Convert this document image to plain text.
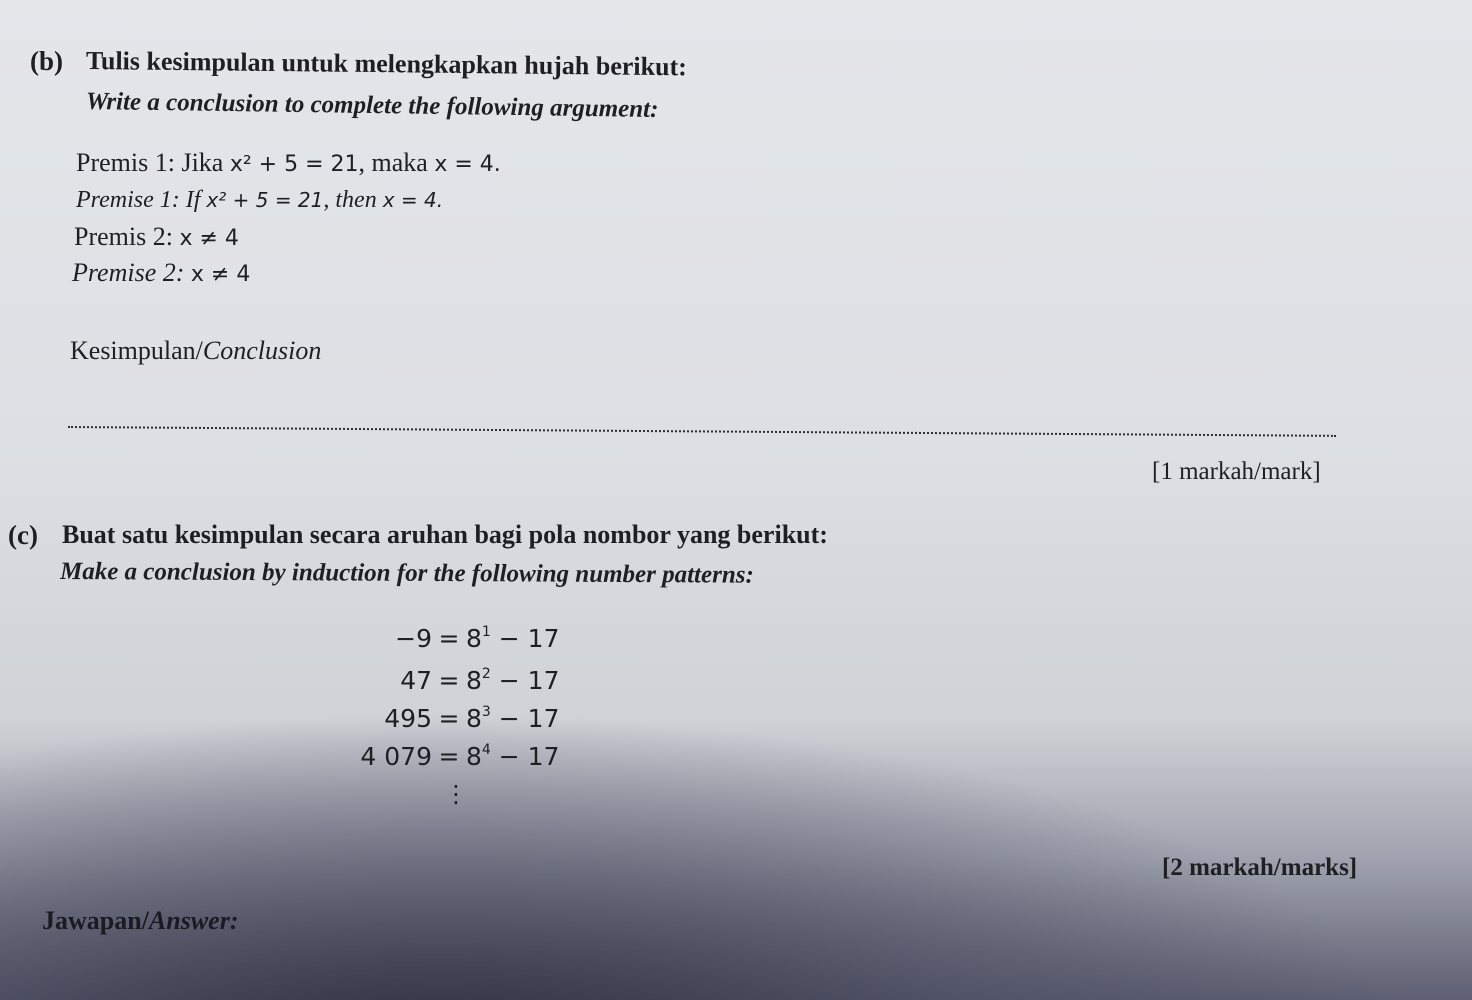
(b) Tulis kesimpulan untuk melengkapkan hujah berikut:
Write a conclusion to complete the following argument:
Premis 1: Jika x² + 5 = 21, maka x = 4.
Premise 1: If x² + 5 = 21, then x = 4.
Premis 2: x ≠ 4
Premise 2: x ≠ 4
Kesimpulan/Conclusion
[1 markah/mark]
(c) Buat satu kesimpulan secara aruhan bagi pola nombor yang berikut:
Make a conclusion by induction for the following number patterns:
$-9 = 8^1 - 17$
$47 = 8^2 - 17$
$495 = 8^3 - 17$
4 $079 = 8^4 - 17$
⋮
[2 markah/marks]
Jawapan/Answer:
